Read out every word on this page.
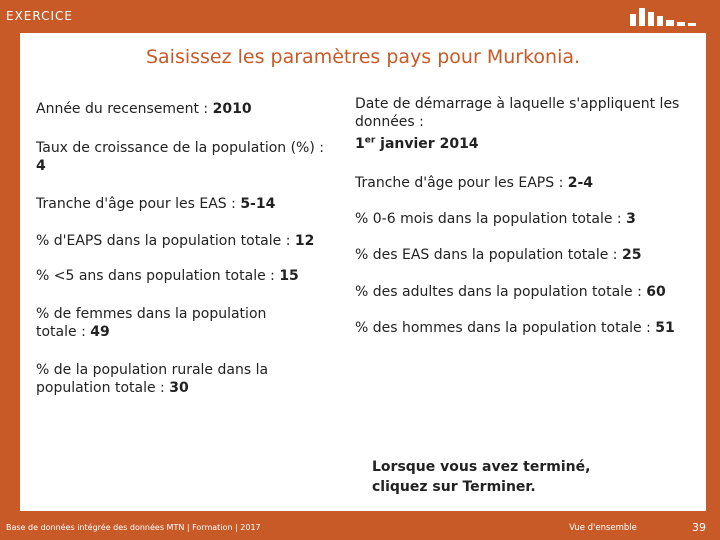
EXERCICE
Saisissez les paramètres pays pour Murkonia.
Année du recensement : 2010
Taux de croissance de la population (%) : 4
Tranche d'âge pour les EAS : 5-14
% d'EAPS dans la population totale : 12
% <5 ans dans population totale : 15
% de femmes dans la population totale : 49
% de la population rurale dans la population totale : 30
Date de démarrage à laquelle s'appliquent les données :
1er janvier 2014
Tranche d'âge pour les EAPS : 2-4
% 0-6 mois dans la population totale : 3
% des EAS dans la population totale : 25
% des adultes dans la population totale : 60
% des hommes dans la population totale : 51
Lorsque vous avez terminé, cliquez sur Terminer.
Base de données intégrée des données MTN | Formation | 2017	Vue d'ensemble	39
